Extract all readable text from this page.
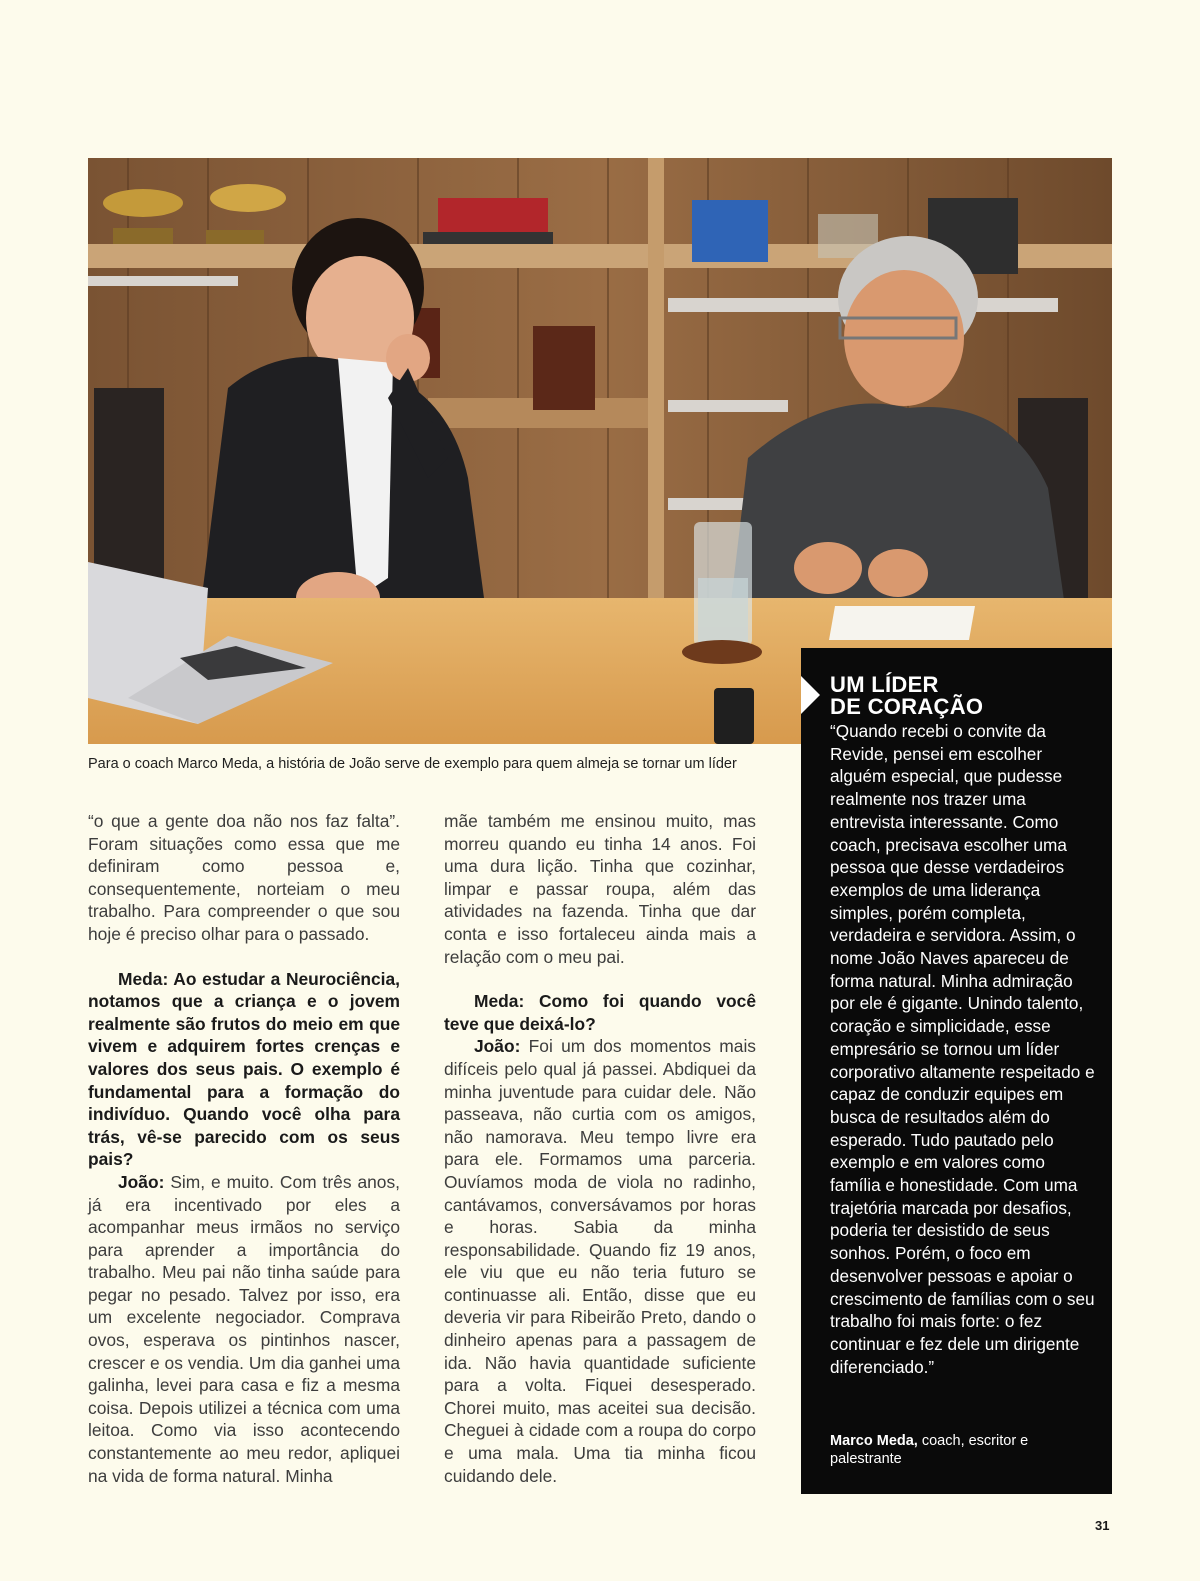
Para o coach Marco Meda, a história de João serve de exemplo para quem almeja se tornar um líder

“o que a gente doa não nos faz falta”. Foram situações como essa que me definiram como pessoa e, consequentemente, norteiam o meu trabalho. Para compreender o que sou hoje é preciso olhar para o passado.

Meda: Ao estudar a Neurociência, notamos que a criança e o jovem realmente são frutos do meio em que vivem e adquirem fortes crenças e valores dos seus pais. O exemplo é fundamental para a formação do indivíduo. Quando você olha para trás, vê-se parecido com os seus pais?

João: Sim, e muito. Com três anos, já era incentivado por eles a acompanhar meus irmãos no serviço para aprender a importância do trabalho. Meu pai não tinha saúde para pegar no pesado. Talvez por isso, era um excelente negociador. Comprava ovos, esperava os pintinhos nascer, crescer e os vendia. Um dia ganhei uma galinha, levei para casa e fiz a mesma coisa. Depois utilizei a técnica com uma leitoa. Como via isso acontecendo constantemente ao meu redor, apliquei na vida de forma natural. Minha

mãe também me ensinou muito, mas morreu quando eu tinha 14 anos. Foi uma dura lição. Tinha que cozinhar, limpar e passar roupa, além das atividades na fazenda. Tinha que dar conta e isso fortaleceu ainda mais a relação com o meu pai.

Meda: Como foi quando você teve que deixá-lo?

João: Foi um dos momentos mais difíceis pelo qual já passei. Abdiquei da minha juventude para cuidar dele. Não passeava, não curtia com os amigos, não namorava. Meu tempo livre era para ele. Formamos uma parceria. Ouvíamos moda de viola no radinho, cantávamos, conversávamos por horas e horas. Sabia da minha responsabilidade. Quando fiz 19 anos, ele viu que eu não teria futuro se continuasse ali. Então, disse que eu deveria vir para Ribeirão Preto, dando o dinheiro apenas para a passagem de ida. Não havia quantidade suficiente para a volta. Fiquei desesperado. Chorei muito, mas aceitei sua decisão. Cheguei à cidade com a roupa do corpo e uma mala. Uma tia minha ficou cuidando dele.

UM LÍDER
DE CORAÇÃO

“Quando recebi o convite da Revide, pensei em escolher alguém especial, que pudesse realmente nos trazer uma entrevista interessante. Como coach, precisava escolher uma pessoa que desse verdadeiros exemplos de uma liderança simples, porém completa, verdadeira e servidora. Assim, o nome João Naves apareceu de forma natural. Minha admiração por ele é gigante. Unindo talento, coração e simplicidade, esse empresário se tornou um líder corporativo altamente respeitado e capaz de conduzir equipes em busca de resultados além do esperado. Tudo pautado pelo exemplo e em valores como família e honestidade. Com uma trajetória marcada por desafios, poderia ter desistido de seus sonhos. Porém, o foco em desenvolver pessoas e apoiar o crescimento de famílias com o seu trabalho foi mais forte: o fez continuar e fez dele um dirigente diferenciado.”

Marco Meda, coach, escritor e palestrante

31
